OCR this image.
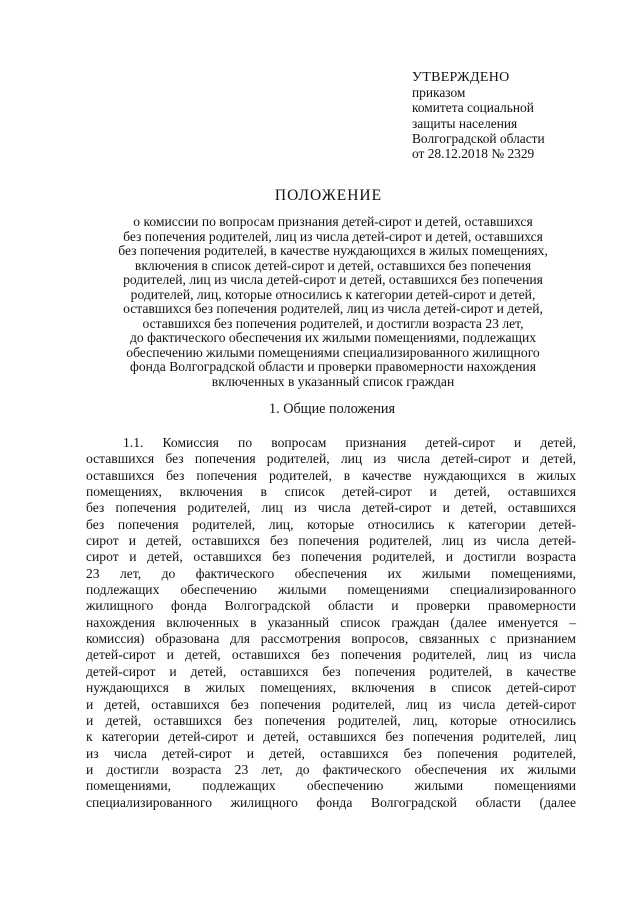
УТВЕРЖДЕНО
приказом
комитета социальной
защиты населения
Волгоградской области
от 28.12.2018 № 2329
ПОЛОЖЕНИЕ
о комиссии по вопросам признания детей-сирот и детей, оставшихся
без попечения родителей, лиц из числа детей-сирот и детей, оставшихся
без попечения родителей, в качестве нуждающихся в жилых помещениях,
включения в список детей-сирот и детей, оставшихся без попечения
родителей, лиц из числа детей-сирот и детей, оставшихся без попечения
родителей, лиц, которые относились к категории детей-сирот и детей,
оставшихся без попечения родителей, лиц из числа детей-сирот и детей,
оставшихся без попечения родителей, и достигли возраста 23 лет,
до фактического обеспечения их жилыми помещениями, подлежащих
обеспечению жилыми помещениями специализированного жилищного
фонда Волгоградской области и проверки правомерности нахождения
включенных в указанный список граждан
1. Общие положения
1.1. Комиссия по вопросам признания детей-сирот и детей,
оставшихся без попечения родителей, лиц из числа детей-сирот и детей,
оставшихся без попечения родителей, в качестве нуждающихся в жилых
помещениях, включения в список детей-сирот и детей, оставшихся
без попечения родителей, лиц из числа детей-сирот и детей, оставшихся
без попечения родителей, лиц, которые относились к категории детей-
сирот и детей, оставшихся без попечения родителей, лиц из числа детей-
сирот и детей, оставшихся без попечения родителей, и достигли возраста
23 лет, до фактического обеспечения их жилыми помещениями,
подлежащих обеспечению жилыми помещениями специализированного
жилищного фонда Волгоградской области и проверки правомерности
нахождения включенных в указанный список граждан (далее именуется –
комиссия) образована для рассмотрения вопросов, связанных с признанием
детей-сирот и детей, оставшихся без попечения родителей, лиц из числа
детей-сирот и детей, оставшихся без попечения родителей, в качестве
нуждающихся в жилых помещениях, включения в список детей-сирот
и детей, оставшихся без попечения родителей, лиц из числа детей-сирот
и детей, оставшихся без попечения родителей, лиц, которые относились
к категории детей-сирот и детей, оставшихся без попечения родителей, лиц
из числа детей-сирот и детей, оставшихся без попечения родителей,
и достигли возраста 23 лет, до фактического обеспечения их жилыми
помещениями, подлежащих обеспечению жилыми помещениями
специализированного жилищного фонда Волгоградской области (далее
